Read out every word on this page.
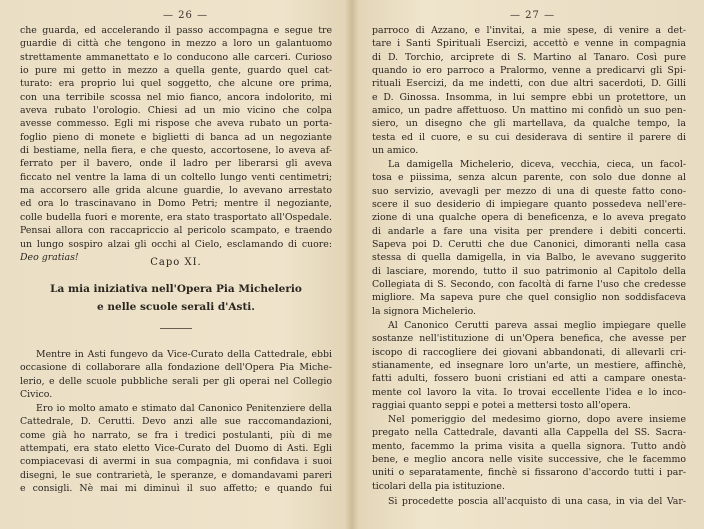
— 26 —
che guarda, ed accelerando il passo accompagna e segue tre
guardie di città che tengono in mezzo a loro un galantuomo
strettamente ammanettato e lo conducono alle carceri. Curioso
io pure mi getto in mezzo a quella gente, guardo quel cat-
turato: era proprio lui quel soggetto, che alcune ore prima,
con una terribile scossa nel mio fianco, ancora indolorito, mi
aveva rubato l'orologio. Chiesi ad un mio vicino che colpa
avesse commesso. Egli mi rispose che aveva rubato un porta-
foglio pieno di monete e biglietti di banca ad un negoziante
di bestiame, nella fiera, e che questo, accortosene, lo aveva af-
ferrato per il bavero, onde il ladro per liberarsi gli aveva
ficcato nel ventre la lama di un coltello lungo venti centimetri;
ma accorsero alle grida alcune guardie, lo avevano arrestato
ed ora lo trascinavano in Domo Petri; mentre il negoziante,
colle budella fuori e morente, era stato trasportato all'Ospedale.
Pensai allora con raccapriccio al pericolo scampato, e traendo
un lungo sospiro alzai gli occhi al Cielo, esclamando di cuore:
Deo gratias!	Capo XI.
La mia iniziativa nell'Opera Pia Michelerio
e nelle scuole serali d'Asti.
Mentre in Asti fungevo da Vice-Curato della Cattedrale, ebbi
occasione di collaborare alla fondazione dell'Opera Pia Miche-
lerio, e delle scuole pubbliche serali per gli operai nel Collegio
Civico.
Ero io molto amato e stimato dal Canonico Penitenziere della
Cattedrale, D. Cerutti. Devo anzi alle sue raccomandazioni,
come già ho narrato, se fra i tredici postulanti, più di me
attempati, era stato eletto Vice-Curato del Duomo di Asti. Egli
compiacevasi di avermi in sua compagnia, mi confidava i suoi
disegni, le sue contrarietà, le speranze, e domandavami pareri
e consigli. Nè mai mi diminuì il suo affetto; e quando fui
— 27 —
parroco di Azzano, e l'invitai, a mie spese, di venire a det-
tare i Santi Spirituali Esercizi, accettò e venne in compagnia
di D. Torchio, arciprete di S. Martino al Tanaro. Così pure
quando io ero parroco a Pralormo, venne a predicarvi gli Spi-
rituali Esercizi, da me indetti, con due altri sacerdoti, D. Gilli
e D. Ginossa. Insomma, in lui sempre ebbi un protettore, un
amico, un padre affettuoso. Un mattino mi confidò un suo pen-
siero, un disegno che gli martellava, da qualche tempo, la
testa ed il cuore, e su cui desiderava di sentire il parere di
un amico.
La damigella Michelerio, diceva, vecchia, cieca, un facol-
tosa e piissima, senza alcun parente, con solo due donne al
suo servizio, avevagli per mezzo di una di queste fatto cono-
scere il suo desiderio di impiegare quanto possedeva nell'ere-
zione di una qualche opera di beneficenza, e lo aveva pregato
di andarle a fare una visita per prendere i debiti concerti.
Sapeva poi D. Cerutti che due Canonici, dimoranti nella casa
stessa di quella damigella, in via Balbo, le avevano suggerito
di lasciare, morendo, tutto il suo patrimonio al Capitolo della
Collegiata di S. Secondo, con facoltà di farne l'uso che credesse
migliore. Ma sapeva pure che quel consiglio non soddisfaceva
la signora Michelerio.
Al Canonico Cerutti pareva assai meglio impiegare quelle
sostanze nell'istituzione di un'Opera benefica, che avesse per
iscopo di raccogliere dei giovani abbandonati, di allevarli cri-
stianamente, ed insegnare loro un'arte, un mestiere, affinchè,
fatti adulti, fossero buoni cristiani ed atti a campare onesta-
mente col lavoro la vita. Io trovai eccellente l'idea e lo inco-
raggiai quanto seppi e potei a mettersi tosto all'opera.
Nel pomeriggio del medesimo giorno, dopo avere insieme
pregato nella Cattedrale, davanti alla Cappella del SS. Sacra-
mento, facemmo la prima visita a quella signora. Tutto andò
bene, e meglio ancora nelle visite successive, che le facemmo
uniti o separatamente, finchè si fissarono d'accordo tutti i par-
ticolari della pia istituzione.
Si procedette poscia all'acquisto di una casa, in via del Var-
